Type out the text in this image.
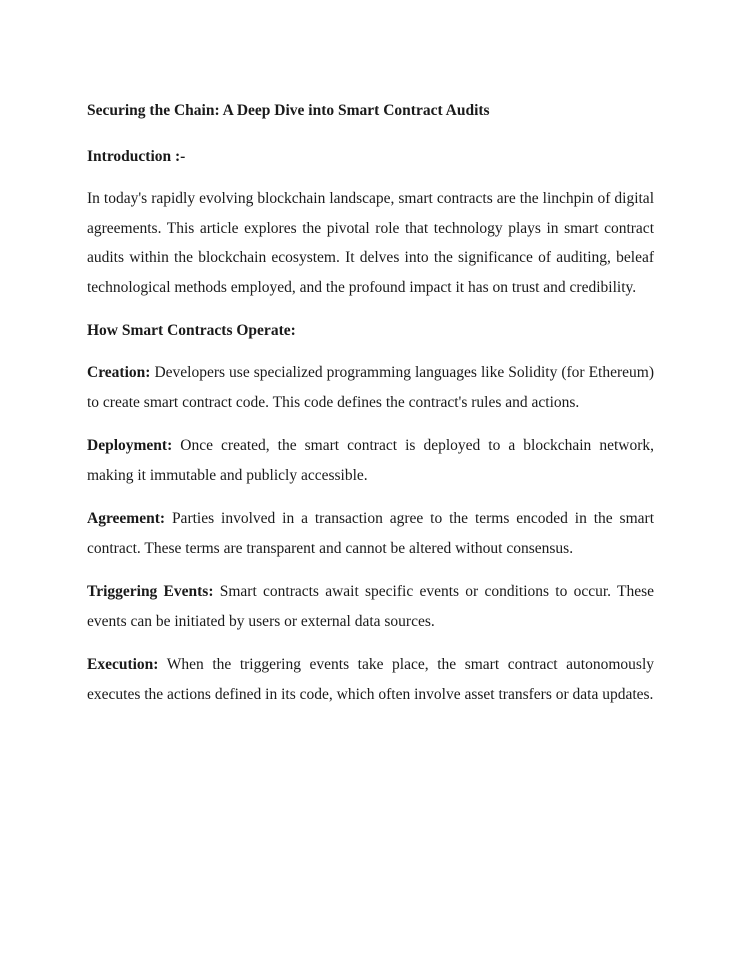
Securing the Chain: A Deep Dive into Smart Contract Audits
Introduction :-

In today's rapidly evolving blockchain landscape, smart contracts are the linchpin of digital agreements. This article explores the pivotal role that technology plays in smart contract audits within the blockchain ecosystem. It delves into the significance of auditing, beleaf technological methods employed, and the profound impact it has on trust and credibility.

How Smart Contracts Operate:

Creation: Developers use specialized programming languages like Solidity (for Ethereum) to create smart contract code. This code defines the contract's rules and actions.

Deployment: Once created, the smart contract is deployed to a blockchain network, making it immutable and publicly accessible.

Agreement: Parties involved in a transaction agree to the terms encoded in the smart contract. These terms are transparent and cannot be altered without consensus.

Triggering Events: Smart contracts await specific events or conditions to occur. These events can be initiated by users or external data sources.

Execution: When the triggering events take place, the smart contract autonomously executes the actions defined in its code, which often involve asset transfers or data updates.
